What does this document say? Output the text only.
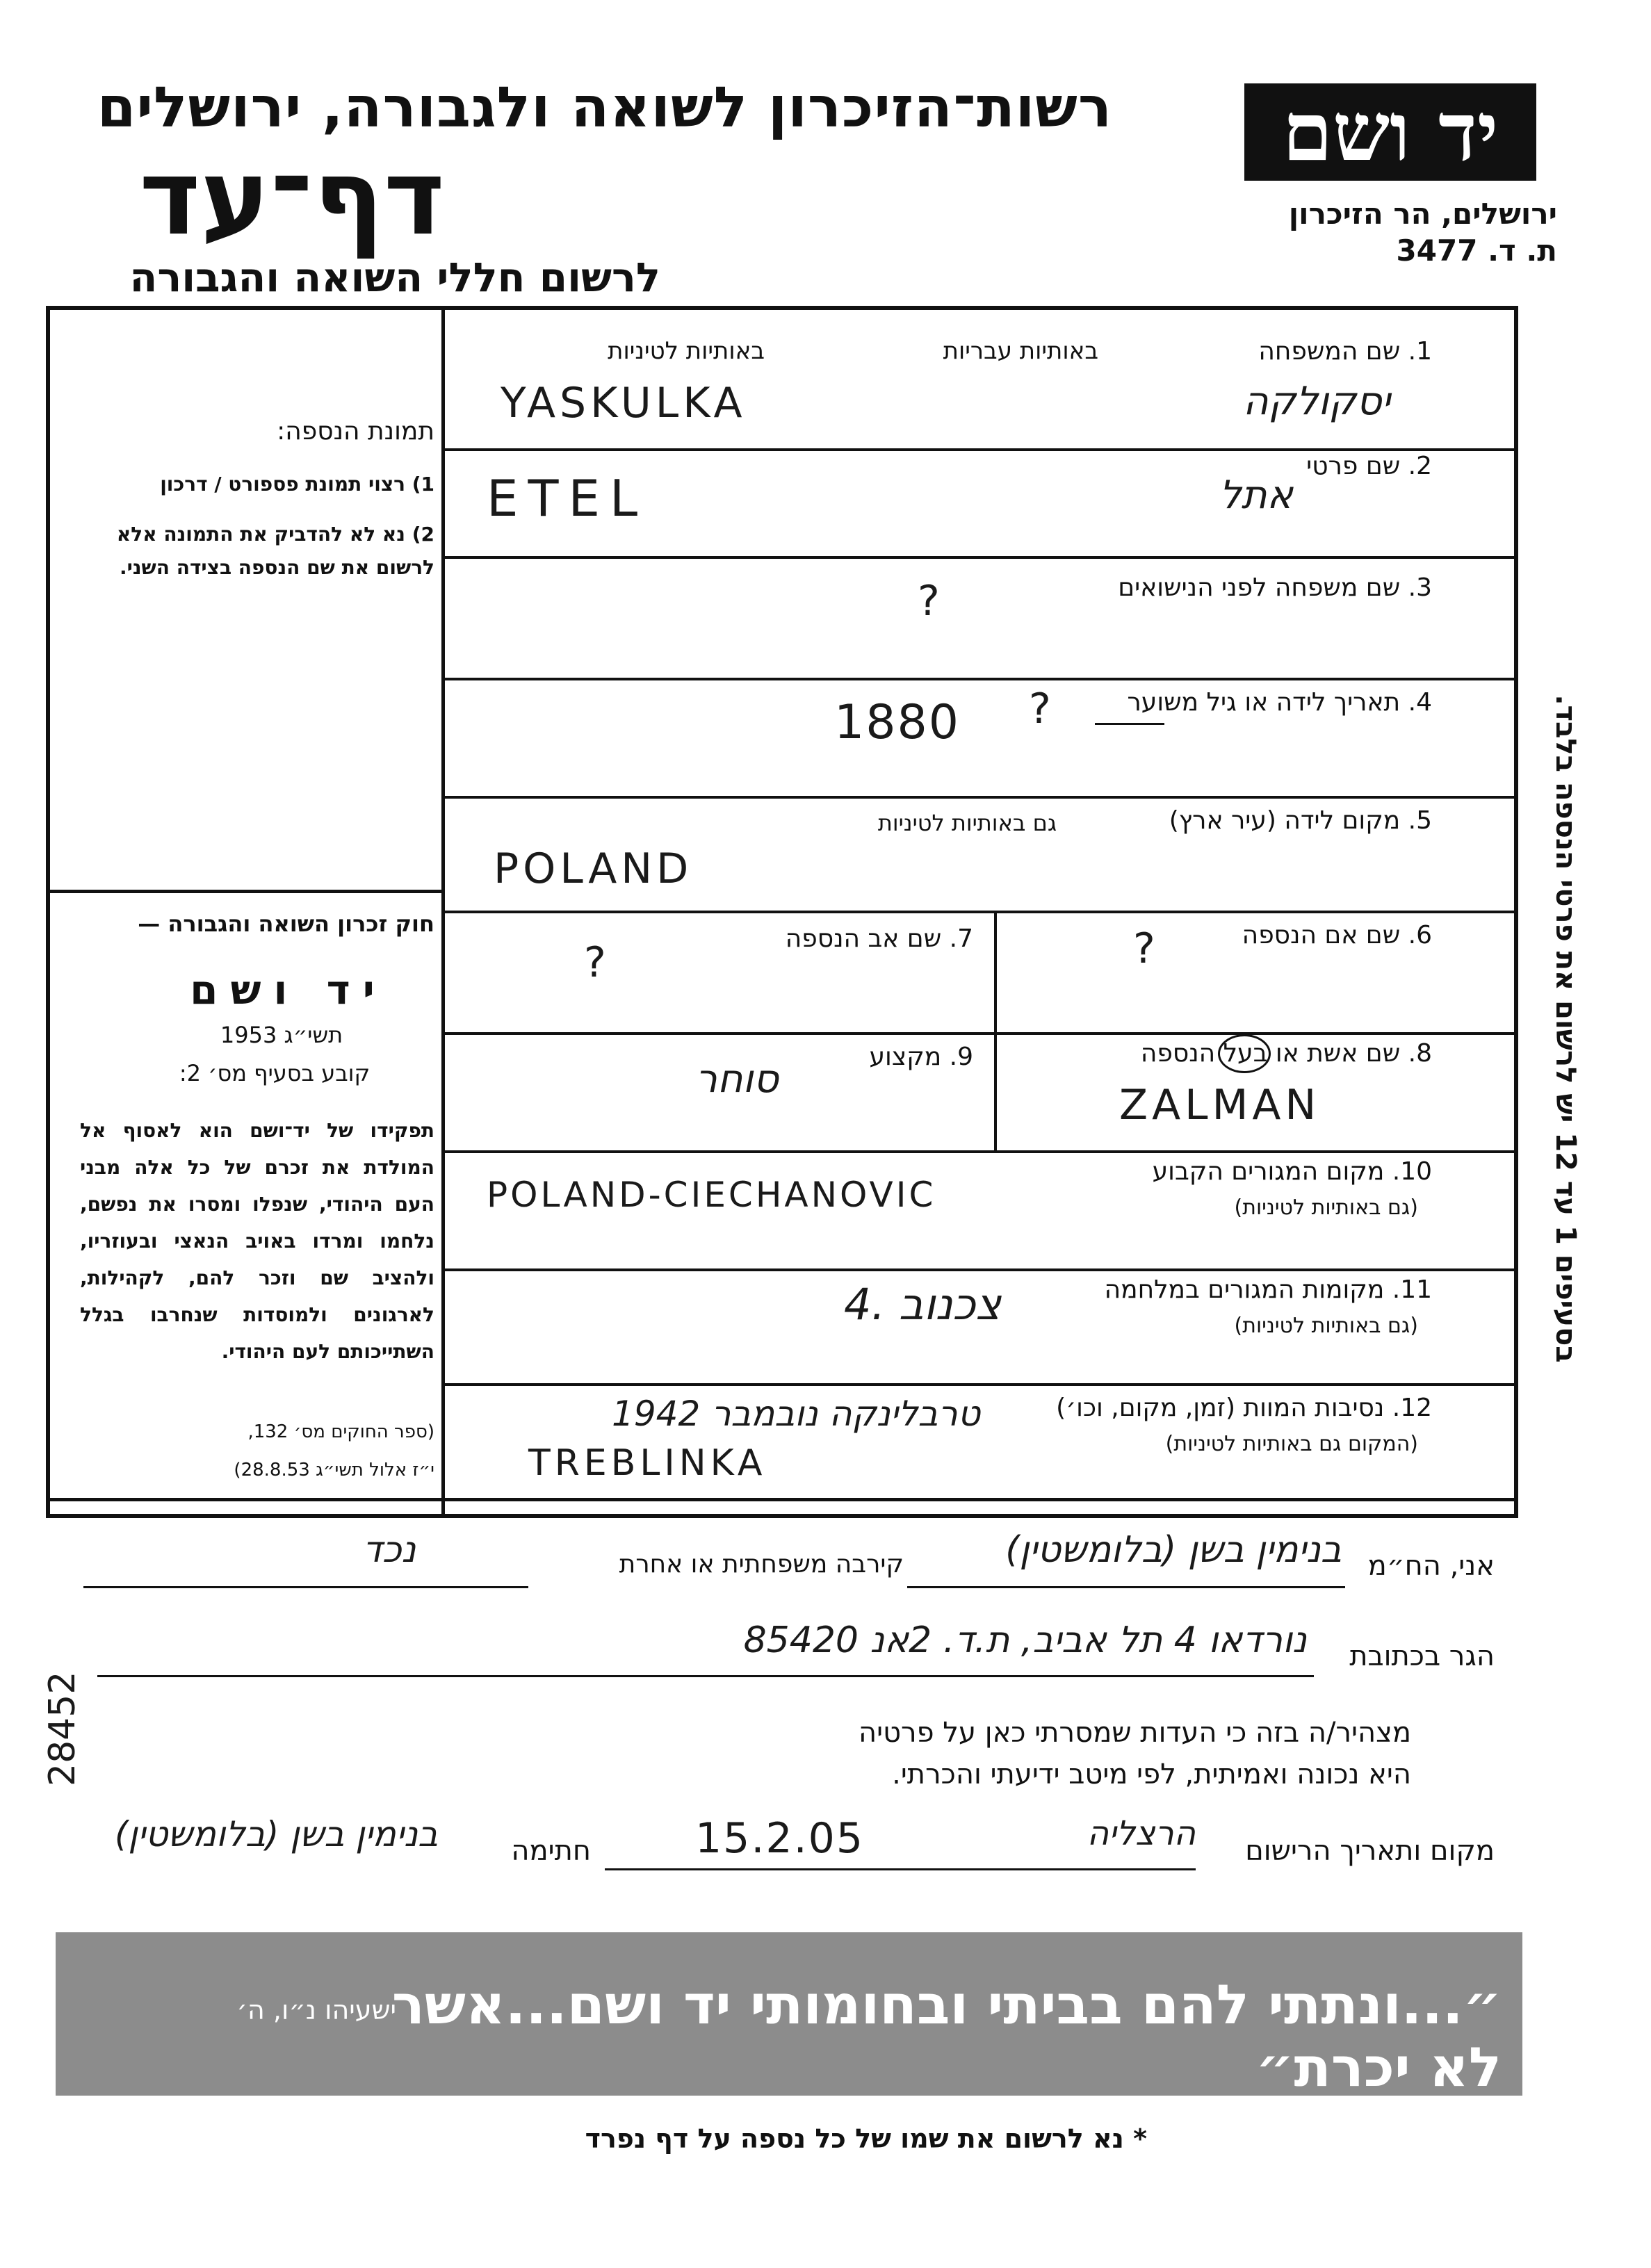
יד ושם
ירושלים, הר הזיכרון
ת. ד. 3477
רשות־הזיכרון לשואה ולגבורה, ירושלים
דף־עד
לרשום חללי השואה והגבורה
תמונת הנספה:
1) רצוי תמונת פספורט / דרכון
2) נא לא להדביק את התמונה אלא לרשום את שם הנספה בצידה השני.
חוק זכרון השואה והגבורה —
יד ושם
תשי״ג 1953
קובע בסעיף מס׳ 2:
תפקידו של יד־ושם הוא לאסוף אל המולדת את זכרם של כל אלה מבני העם היהודי, שנפלו ומסרו את נפשם, נלחמו ומרדו באויב הנאצי ובעוזריו, ולהציב שם וזכר להם, לקהילות, לארגונים ולמוסדות שנחרבו בגלל השתייכותם לעם היהודי.
(ספר החוקים מס׳ 132,
י״ז אלול תשי״ג 28.8.53)
1. שם המשפחה
באותיות עבריות
באותיות לטיניות
יסקולקה
YASKULKA
2. שם פרטי
אתל
ETEL
3. שם משפחה לפני הנישואים
?
4. תאריך לידה או גיל משוער
1880	?
5. מקום לידה (עיר ארץ)
גם באותיות לטיניות
POLAND
6. שם אם הנספה
?
7. שם אב הנספה
?
8. שם אשת או בעל הנספה
ZALMAN
9. מקצוע
סוחר
10. מקום המגורים הקבוע
(גם באותיות לטיניות)
POLAND-CIECHANOVIC
11. מקומות המגורים במלחמה
(גם באותיות לטיניות)
צכנוב .4
12. נסיבות המוות (זמן, מקום, וכו׳)
(המקום גם באותיות לטיניות)
טרבלינקה נובמבר 1942
TREBLINKA
אני, הח״מ
בנימין בשן (בלומשטין)
קירבה משפחתית או אחרת
נכד
הגר בכתובת
נורדאו 4 תל אביב, ת.ד. 2אנ 85420
28452	מצהיר/ה בזה כי העדות שמסרתי כאן על פרטיה
היא נכונה ואמיתית, לפי מיטב ידיעתי והכרתי.
מקום ותאריך הרישום
הרצליה
15.2.05
חתימה
בנימין בשן (בלומשטין)
״...ונתתי להם בביתי ובחומותי יד ושם...אשר לא יכרת״
ישעיהו נ״ו, ה׳
* נא לרשום את שמו של כל נספה על דף נפרד
בסעיפים 1 עד 12 יש לרשום את פרטי הנספה בלבד.
